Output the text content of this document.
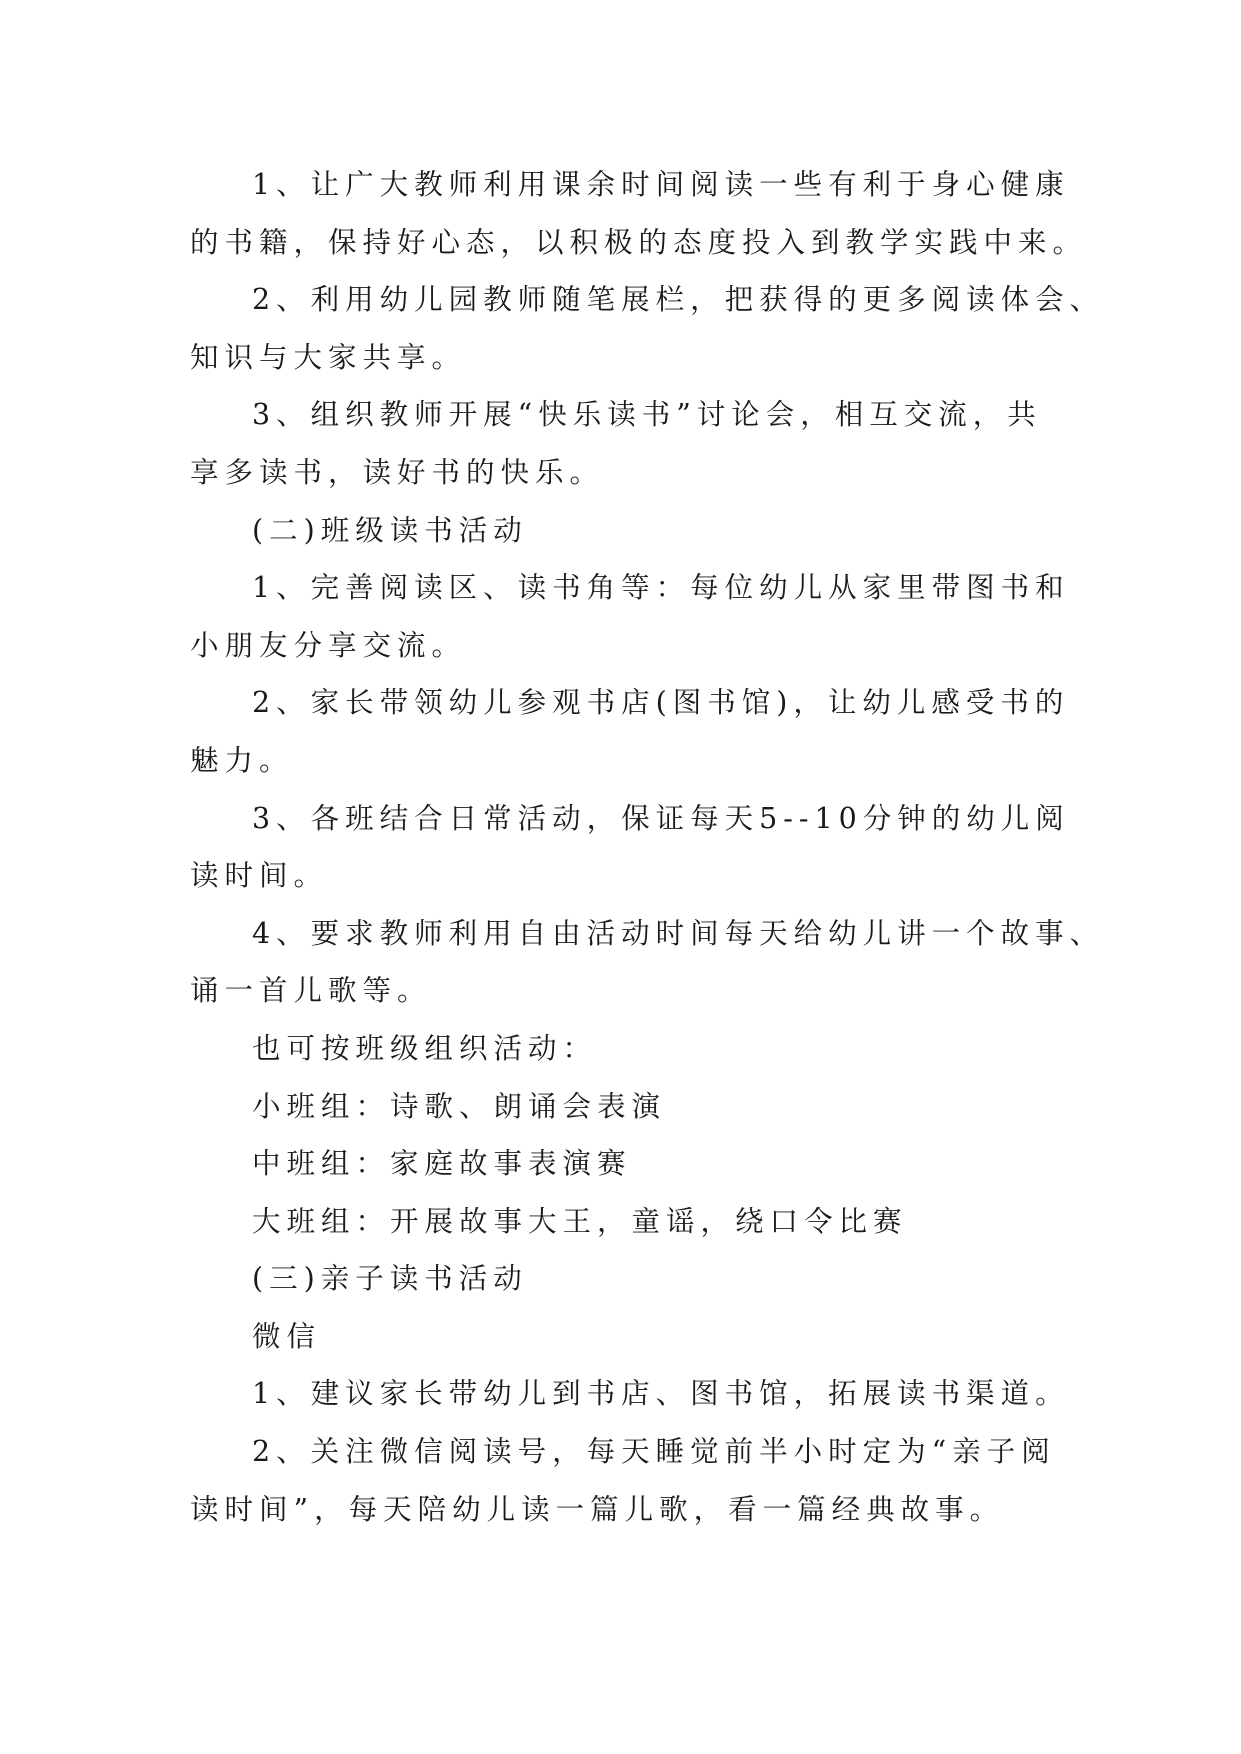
1、让广大教师利用课余时间阅读一些有利于身心健康
的书籍，保持好心态，以积极的态度投入到教学实践中来。
2、利用幼儿园教师随笔展栏，把获得的更多阅读体会、
知识与大家共享。
3、组织教师开展“快乐读书”讨论会，相互交流，共
享多读书，读好书的快乐。
(二)班级读书活动
1、完善阅读区、读书角等：每位幼儿从家里带图书和
小朋友分享交流。
2、家长带领幼儿参观书店(图书馆)，让幼儿感受书的
魅力。
3、各班结合日常活动，保证每天5--10分钟的幼儿阅
读时间。
4、要求教师利用自由活动时间每天给幼儿讲一个故事、
诵一首儿歌等。
也可按班级组织活动：
小班组：诗歌、朗诵会表演
中班组：家庭故事表演赛
大班组：开展故事大王，童谣，绕口令比赛
(三)亲子读书活动
微信
1、建议家长带幼儿到书店、图书馆，拓展读书渠道。
2、关注微信阅读号，每天睡觉前半小时定为“亲子阅
读时间”，每天陪幼儿读一篇儿歌，看一篇经典故事。
